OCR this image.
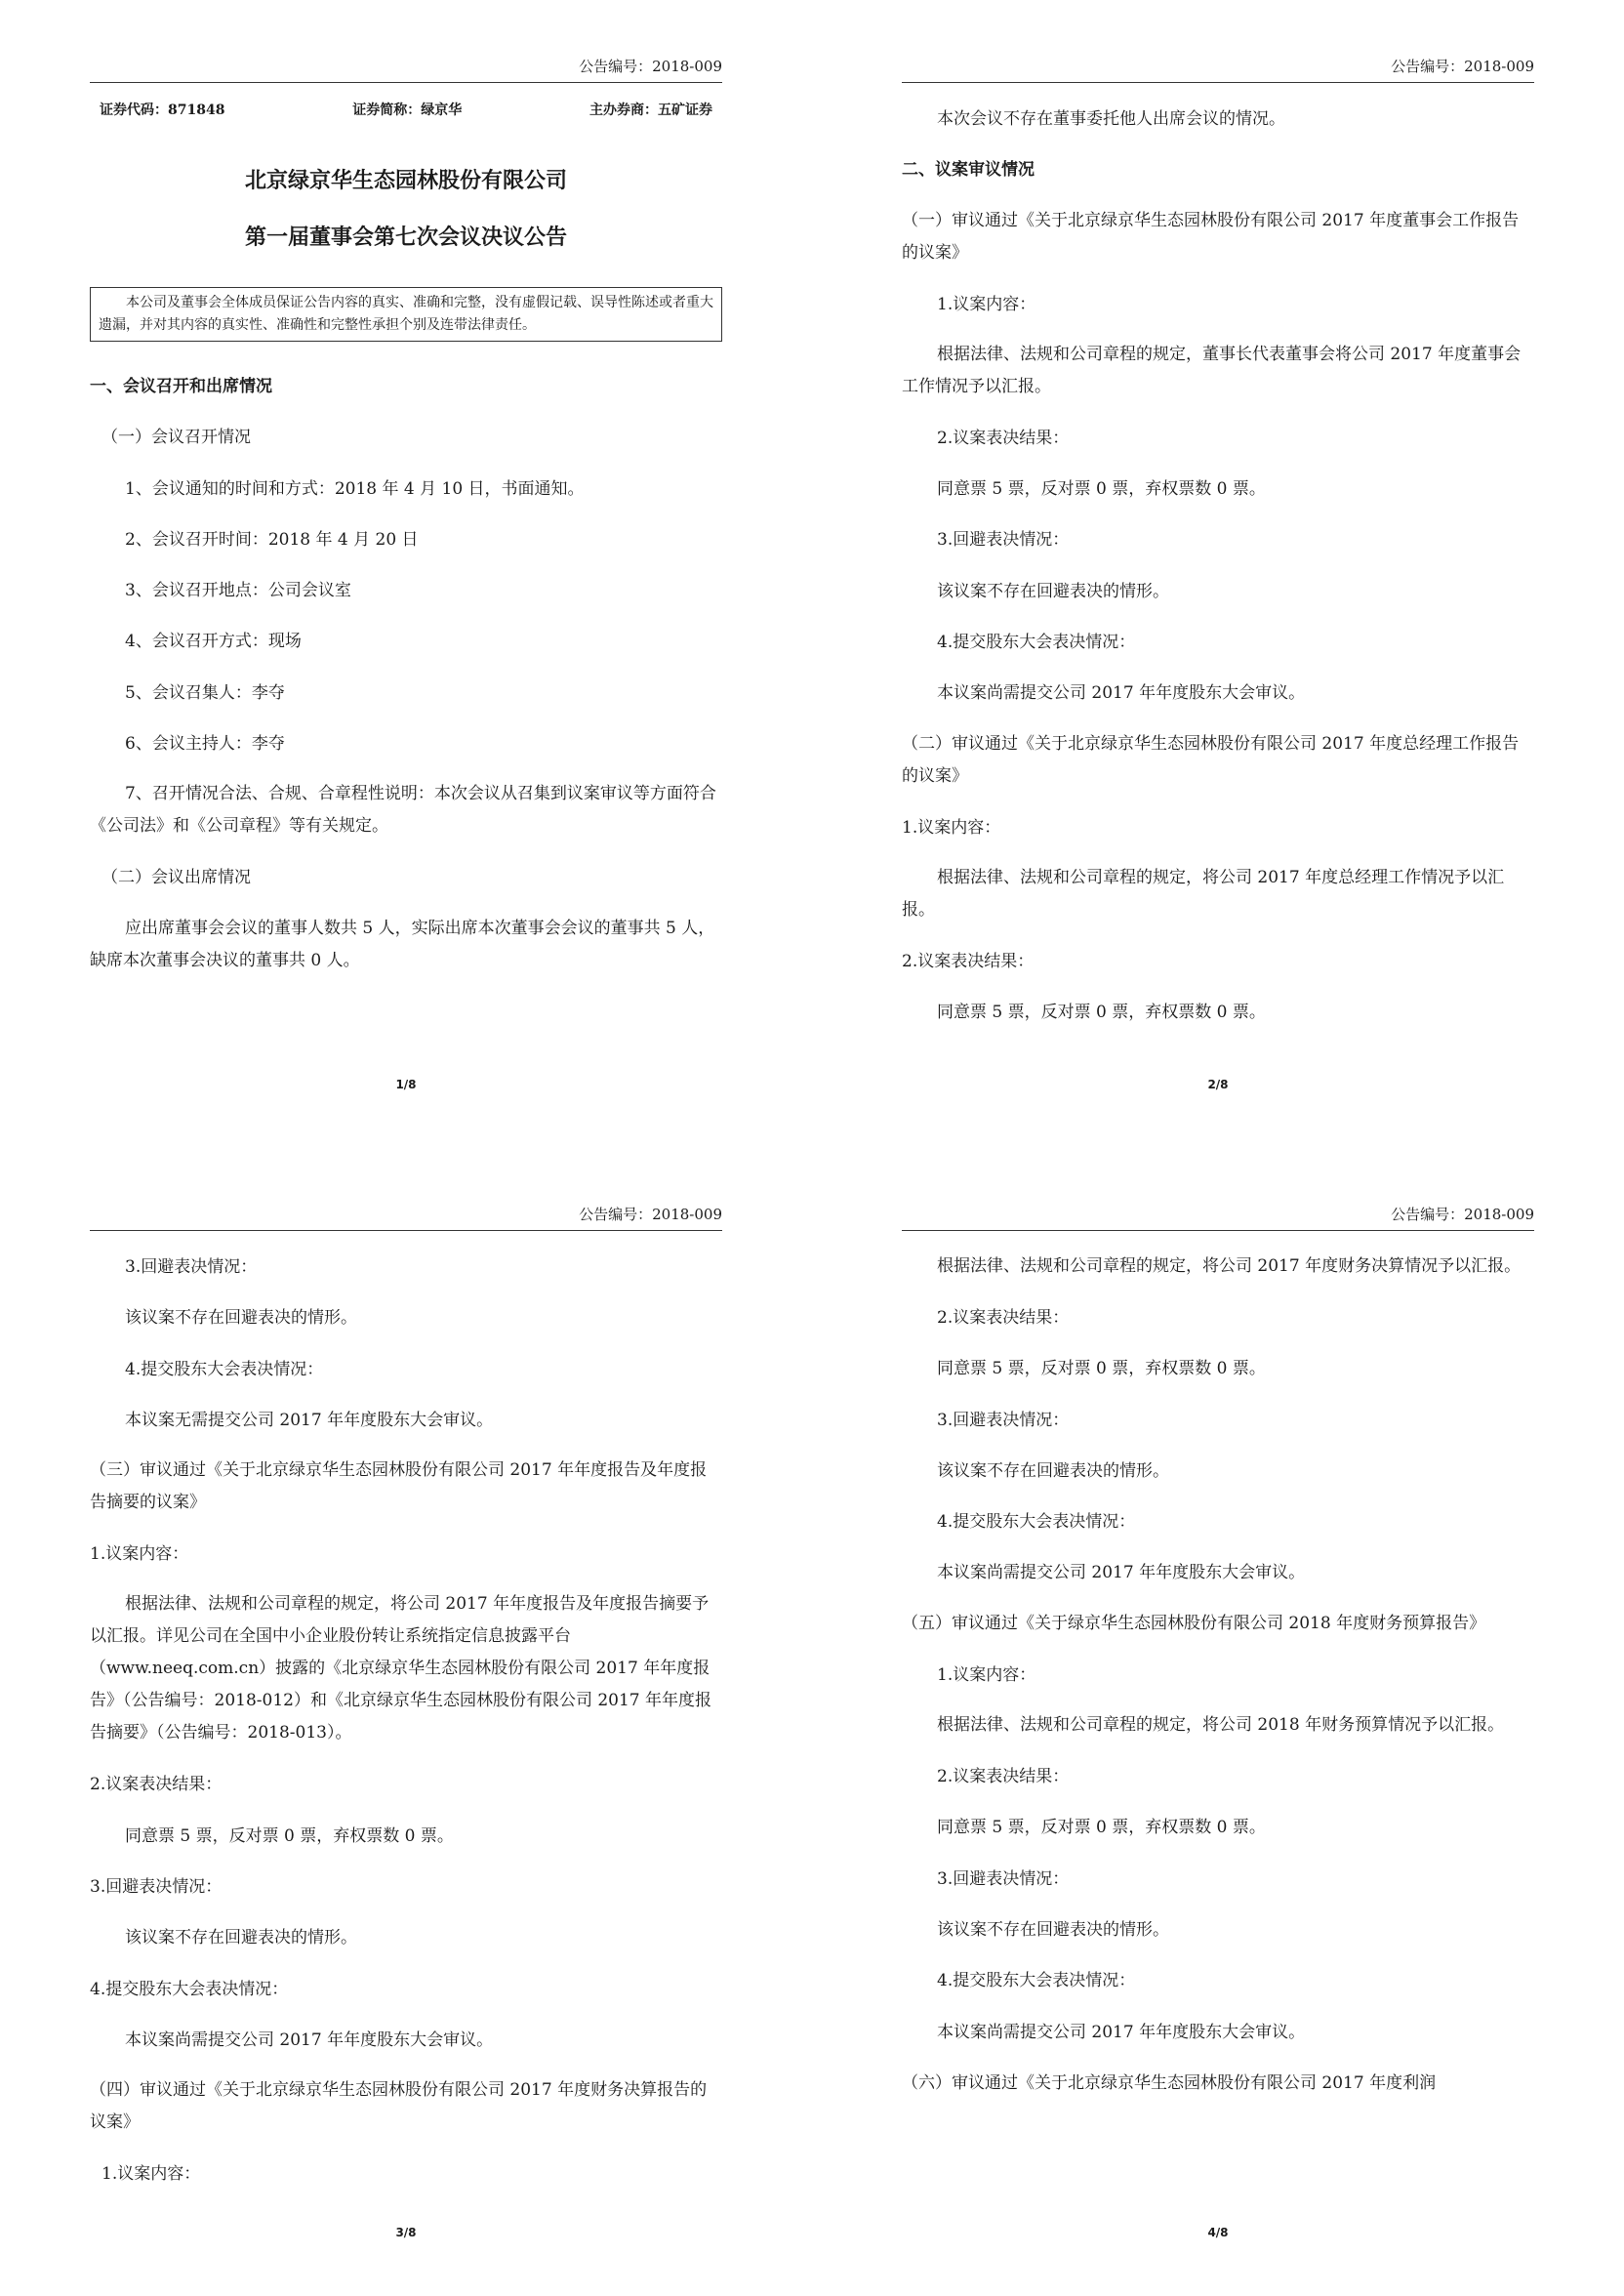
公告编号：2018-009
证券代码：871848	证券简称：绿京华	主办券商：五矿证券
北京绿京华生态园林股份有限公司
第一届董事会第七次会议决议公告
本公司及董事会全体成员保证公告内容的真实、准确和完整，没有虚假记载、误导性陈述或者重大遗漏，并对其内容的真实性、准确性和完整性承担个别及连带法律责任。

一、会议召开和出席情况

（一）会议召开情况

1、会议通知的时间和方式：2018 年 4 月 10 日，书面通知。

2、会议召开时间：2018 年 4 月 20 日

3、会议召开地点：公司会议室

4、会议召开方式：现场

5、会议召集人：李夺

6、会议主持人：李夺

7、召开情况合法、合规、合章程性说明：本次会议从召集到议案审议等方面符合《公司法》和《公司章程》等有关规定。

（二）会议出席情况

应出席董事会会议的董事人数共 5 人，实际出席本次董事会会议的董事共 5 人，缺席本次董事会决议的董事共 0 人。

1/8
公告编号：2018-009

本次会议不存在董事委托他人出席会议的情况。

二、议案审议情况

（一）审议通过《关于北京绿京华生态园林股份有限公司 2017 年度董事会工作报告的议案》

1.议案内容：

根据法律、法规和公司章程的规定，董事长代表董事会将公司 2017 年度董事会工作情况予以汇报。

2.议案表决结果：

同意票 5 票，反对票 0 票，弃权票数 0 票。

3.回避表决情况：

该议案不存在回避表决的情形。

4.提交股东大会表决情况：

本议案尚需提交公司 2017 年年度股东大会审议。

（二）审议通过《关于北京绿京华生态园林股份有限公司 2017 年度总经理工作报告的议案》

1.议案内容：

根据法律、法规和公司章程的规定，将公司 2017 年度总经理工作情况予以汇报。

2.议案表决结果：

同意票 5 票，反对票 0 票，弃权票数 0 票。

2/8
公告编号：2018-009

3.回避表决情况：

该议案不存在回避表决的情形。

4.提交股东大会表决情况：

本议案无需提交公司 2017 年年度股东大会审议。

（三）审议通过《关于北京绿京华生态园林股份有限公司 2017 年年度报告及年度报告摘要的议案》

1.议案内容：

根据法律、法规和公司章程的规定，将公司 2017 年年度报告及年度报告摘要予以汇报。详见公司在全国中小企业股份转让系统指定信息披露平台（www.neeq.com.cn）披露的《北京绿京华生态园林股份有限公司 2017 年年度报告》（公告编号：2018-012）和《北京绿京华生态园林股份有限公司 2017 年年度报告摘要》（公告编号：2018-013）。

2.议案表决结果：

同意票 5 票，反对票 0 票，弃权票数 0 票。

3.回避表决情况：

该议案不存在回避表决的情形。

4.提交股东大会表决情况：

本议案尚需提交公司 2017 年年度股东大会审议。

（四）审议通过《关于北京绿京华生态园林股份有限公司 2017 年度财务决算报告的议案》

1.议案内容：

3/8
公告编号：2018-009

根据法律、法规和公司章程的规定，将公司 2017 年度财务决算情况予以汇报。

2.议案表决结果：

同意票 5 票，反对票 0 票，弃权票数 0 票。

3.回避表决情况：

该议案不存在回避表决的情形。

4.提交股东大会表决情况：

本议案尚需提交公司 2017 年年度股东大会审议。

（五）审议通过《关于绿京华生态园林股份有限公司 2018 年度财务预算报告》

1.议案内容：

根据法律、法规和公司章程的规定，将公司 2018 年财务预算情况予以汇报。

2.议案表决结果：

同意票 5 票，反对票 0 票，弃权票数 0 票。

3.回避表决情况：

该议案不存在回避表决的情形。

4.提交股东大会表决情况：

本议案尚需提交公司 2017 年年度股东大会审议。

（六）审议通过《关于北京绿京华生态园林股份有限公司 2017 年度利润

4/8
